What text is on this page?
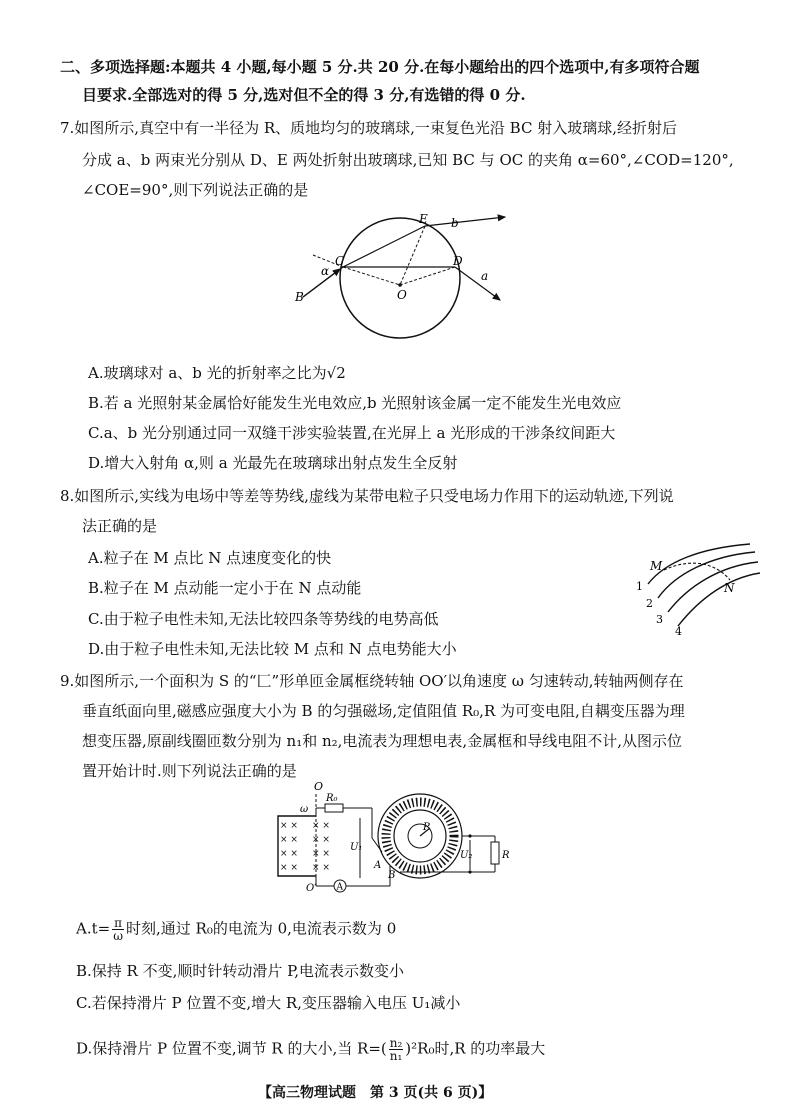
二、多项选择题:本题共 4 小题,每小题 5 分.共 20 分.在每小题给出的四个选项中,有多项符合题
目要求.全部选对的得 5 分,选对但不全的得 3 分,有选错的得 0 分.
7.如图所示,真空中有一半径为 R、质地均匀的玻璃球,一束复色光沿 BC 射入玻璃球,经折射后
分成 a、b 两束光分别从 D、E 两处折射出玻璃球,已知 BC 与 OC 的夹角 α=60°,∠COD=120°,
∠COE=90°,则下列说法正确的是
E b
α
C	D
a
O
B
A.玻璃球对 a、b 光的折射率之比为√2
B.若 a 光照射某金属恰好能发生光电效应,b 光照射该金属一定不能发生光电效应
C.a、b 光分别通过同一双缝干涉实验装置,在光屏上 a 光形成的干涉条纹间距大
D.增大入射角 α,则 a 光最先在玻璃球出射点发生全反射
8.如图所示,实线为电场中等差等势线,虚线为某带电粒子只受电场力作用下的运动轨迹,下列说
法正确的是
A.粒子在 M 点比 N 点速度变化的快
B.粒子在 M 点动能一定小于在 N 点动能
C.由于粒子电性未知,无法比较四条等势线的电势高低
D.由于粒子电性未知,无法比较 M 点和 N 点电势能大小
M
N
1
2
3
4
9.如图所示,一个面积为 S 的“匚”形单匝金属框绕转轴 OO′以角速度 ω 匀速转动,转轴两侧存在
垂直纸面向里,磁感应强度大小为 B 的匀强磁场,定值阻值 R₀,R 为可变电阻,自耦变压器为理
想变压器,原副线圈匝数分别为 n₁和 n₂,电流表为理想电表,金属框和导线电阻不计,从图示位
置开始计时.则下列说法正确的是
× ×
× ×
× ×
× ×
× ×
× ×
× ×
× ×
A
O
ω
R₀
U₁
P
U₂	R
A
B
O′
$A.t= \frac{\pi}{\omega}$ 时刻,通过 R₀的电流为 0,电流表示数为 0
B.保持 R 不变,顺时针转动滑片 P,电流表示数变小
C.若保持滑片 P 位置不变,增大 R,变压器输入电压 U₁减小
D.保持滑片 P 位置不变,调节 R 的大小,当 $R=( \frac{\text{n₂}}{\text{n₁}} )^2R_0$时,R 的功率最大
【高三物理试题　第 3 页(共 6 页)】
